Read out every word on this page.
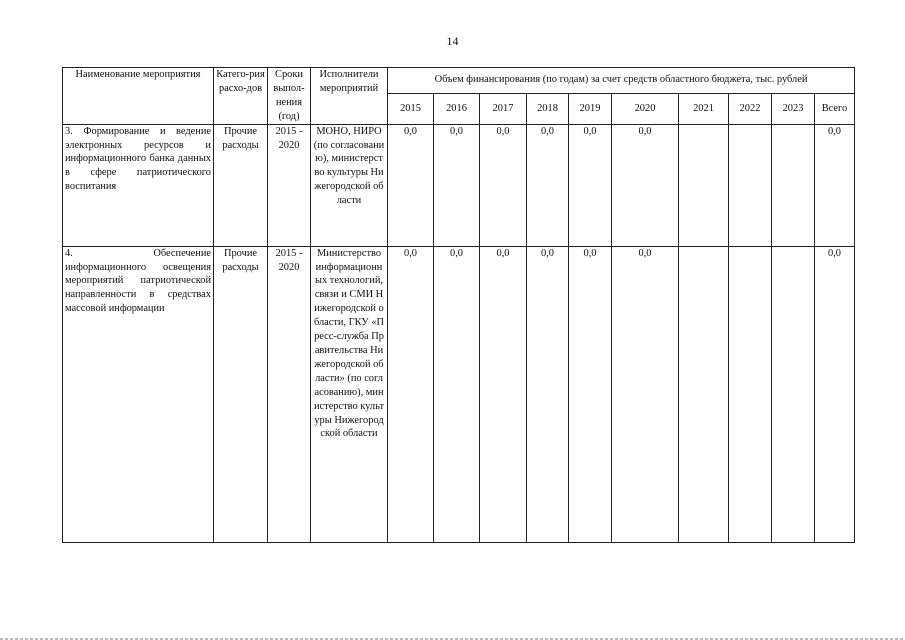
14
Наименование мероприятия	Катего-рия расхо-дов	Сроки выпол-нения (год)	Исполнители мероприятий	Объем финансирования (по годам) за счет средств областного бюджета, тыс. рублей									
				2015	2016	2017	2018	2019	2020	2021	2022	2023	Всего
3. Формирование и ведение электронных ресурсов и информационного банка данных в сфере патриотического воспитания	Прочие расходы	2015 - 2020	МОНО, НИРО (по согласованию), министерство культуры Нижегородской области	0,0	0,0	0,0	0,0	0,0	0,0				0,0
4. Обеспечение информационного освещения мероприятий патриотической направленности в средствах массовой информации	Прочие расходы	2015 - 2020	Министерство информационных технологий, связи и СМИ Нижегородской области, ГКУ «Пресс-служба Правительства Нижегородской области» (по согласованию), министерство культуры Нижегородской области	0,0	0,0	0,0	0,0	0,0	0,0				0,0
